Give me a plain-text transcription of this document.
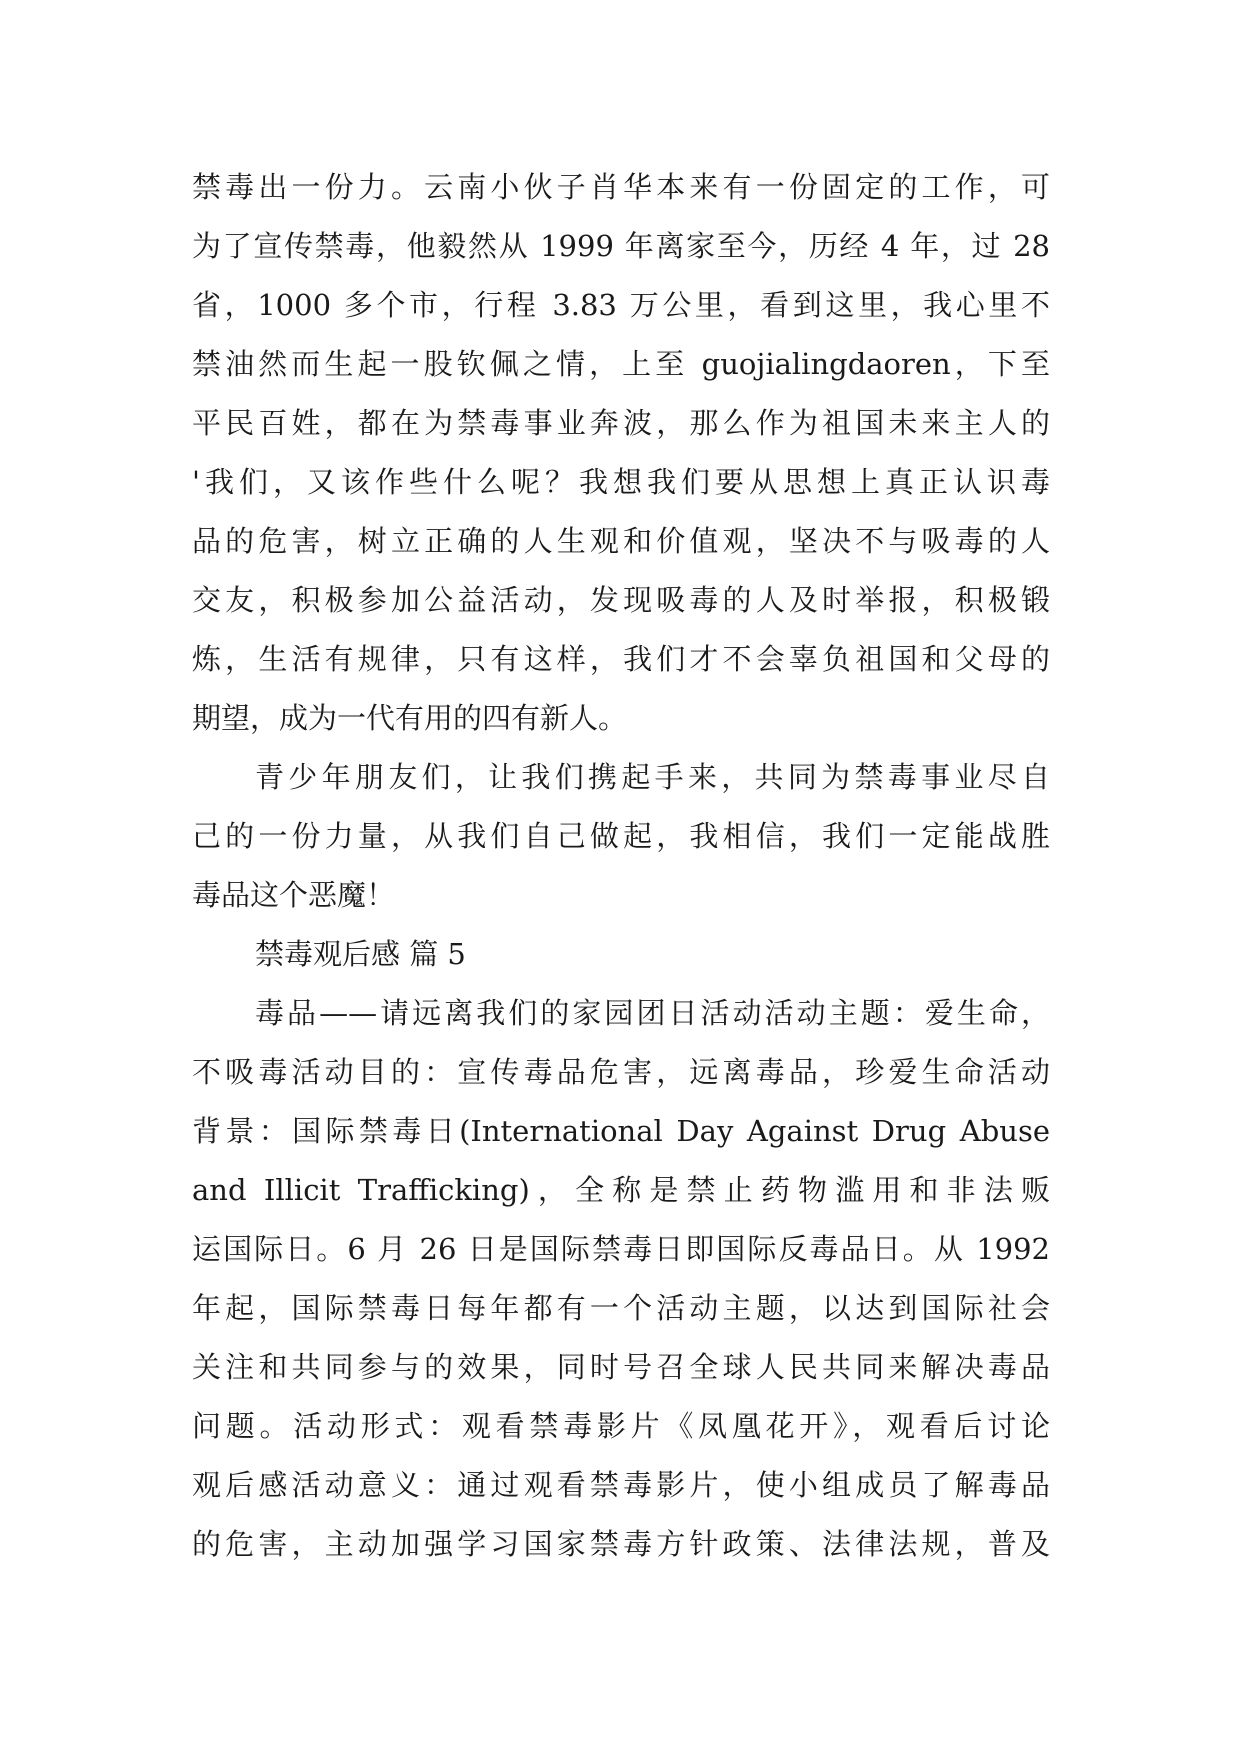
禁毒出一份力。云南小伙子肖华本来有一份固定的工作，可
为了宣传禁毒，他毅然从 1999 年离家至今，历经 4 年，过 28
省，1000 多个市，行程 3.83 万公里，看到这里，我心里不
禁油然而生起一股钦佩之情，上至 guojialingdaoren，下至
平民百姓，都在为禁毒事业奔波，那么作为祖国未来主人的
'我们，又该作些什么呢？我想我们要从思想上真正认识毒
品的危害，树立正确的人生观和价值观，坚决不与吸毒的人
交友，积极参加公益活动，发现吸毒的人及时举报，积极锻
炼，生活有规律，只有这样，我们才不会辜负祖国和父母的
期望，成为一代有用的四有新人。
青少年朋友们，让我们携起手来，共同为禁毒事业尽自
己的一份力量，从我们自己做起，我相信，我们一定能战胜
毒品这个恶魔！
禁毒观后感 篇 5
毒品——请远离我们的家园团日活动活动主题：爱生命，
不吸毒活动目的：宣传毒品危害，远离毒品，珍爱生命活动
背景：国际禁毒日(International Day Against Drug Abuse
and Illicit Trafficking)，全称是禁止药物滥用和非法贩
运国际日。6 月 26 日是国际禁毒日即国际反毒品日。从 1992
年起，国际禁毒日每年都有一个活动主题，以达到国际社会
关注和共同参与的效果，同时号召全球人民共同来解决毒品
问题。活动形式：观看禁毒影片《凤凰花开》，观看后讨论
观后感活动意义：通过观看禁毒影片，使小组成员了解毒品
的危害，主动加强学习国家禁毒方针政策、法律法规，普及
